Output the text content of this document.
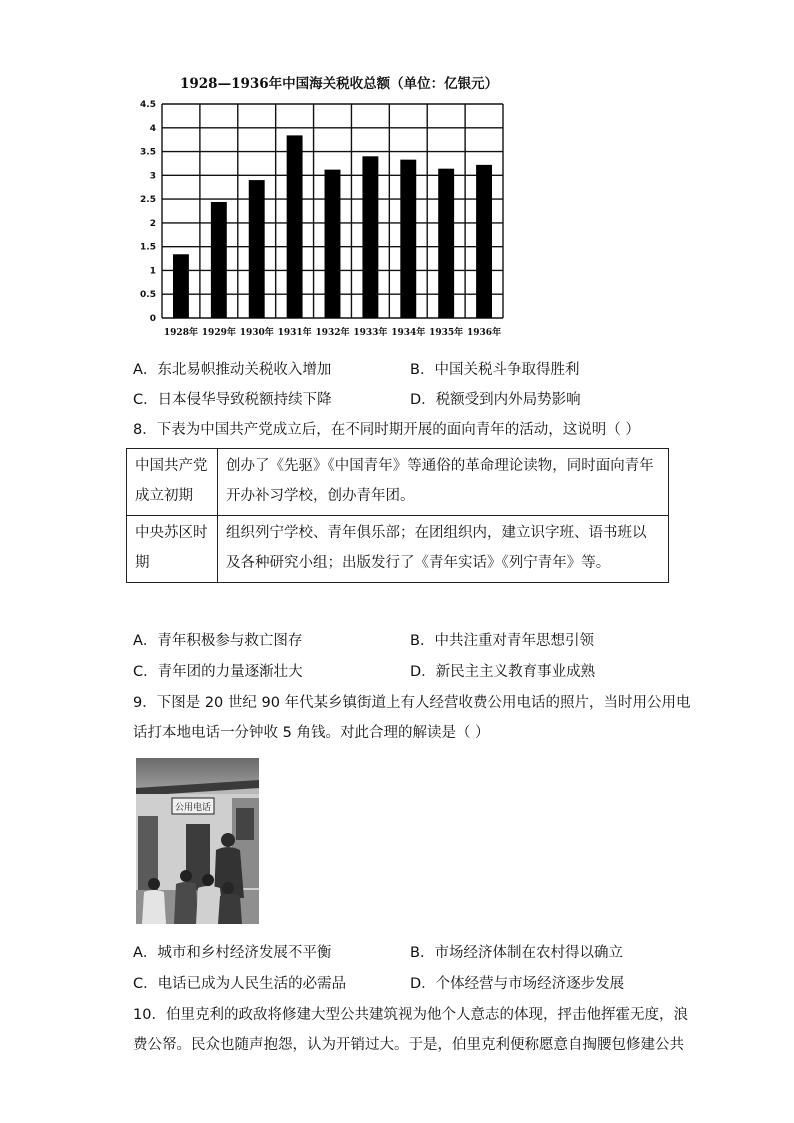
1928—1936年中国海关税收总额（单位：亿银元）
0
0.5
1
1.5
2
2.5
3
3.5
4
4.5
1928年 1929年 1930年 1931年 1932年 1933年 1934年 1935年 1936年
A．东北易帜推动关税收入增加	B．中国关税斗争取得胜利
C．日本侵华导致税额持续下降	D．税额受到内外局势影响
8．下表为中国共产党成立后，在不同时期开展的面向青年的活动，这说明（ ）
中国共产党成立初期	创办了《先驱》《中国青年》等通俗的革命理论读物，同时面向青年开办补习学校，创办青年团。
中央苏区时期	组织列宁学校、青年俱乐部；在团组织内，建立识字班、语书班以及各种研究小组；出版发行了《青年实话》《列宁青年》等。
A．青年积极参与救亡图存	B．中共注重对青年思想引领
C．青年团的力量逐渐壮大	D．新民主主义教育事业成熟
9．下图是 20 世纪 90 年代某乡镇街道上有人经营收费公用电话的照片，当时用公用电
话打本地电话一分钟收 5 角钱。对此合理的解读是（ ）
公用电话
A．城市和乡村经济发展不平衡	B．市场经济体制在农村得以确立
C．电话已成为人民生活的必需品	D．个体经营与市场经济逐步发展
10．伯里克利的政敌将修建大型公共建筑视为他个人意志的体现，抨击他挥霍无度，浪
费公帑。民众也随声抱怨，认为开销过大。于是，伯里克利便称愿意自掏腰包修建公共
